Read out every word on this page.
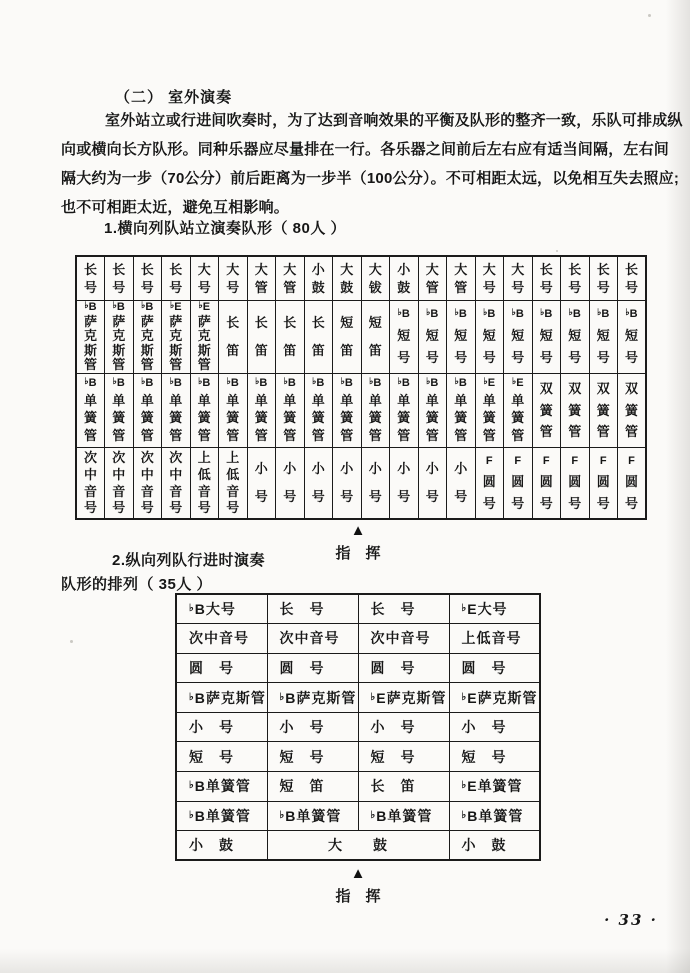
（二） 室外演奏
室外站立或行进间吹奏时，为了达到音响效果的平衡及队形的整齐一致，乐队可排成纵
向或横向长方队形。同种乐器应尽量排在一行。各乐器之间前后左右应有适当间隔，左右间
隔大约为一步（70公分）前后距离为一步半（100公分）。不可相距太远，以免相互失去照应;
也不可相距太近，避免互相影响。
1.横向列队站立演奏队形（ 80人 ）
长
号	长
号	长
号	长
号	大
号	大
号	大
管	大
管	小
鼓	大
鼓	大
钹	小
鼓	大
管	大
管	大
号	大
号	长
号	长
号	长
号	长
号

♭B
萨
克
斯
管	♭B
萨
克
斯
管	♭B
萨
克
斯
管	♭E
萨
克
斯
管	♭E
萨
克
斯
管	长
笛	长
笛	长
笛	长
笛	短
笛	短
笛	♭B
短
号	♭B
短
号	♭B
短
号	♭B
短
号	♭B
短
号	♭B
短
号	♭B
短
号	♭B
短
号	♭B
短
号

♭B
单
簧
管	♭B
单
簧
管	♭B
单
簧
管	♭B
单
簧
管	♭B
单
簧
管	♭B
单
簧
管	♭B
单
簧
管	♭B
单
簧
管	♭B
单
簧
管	♭B
单
簧
管	♭B
单
簧
管	♭B
单
簧
管	♭B
单
簧
管	♭B
单
簧
管	♭E
单
簧
管	♭E
单
簧
管	双
簧
管	双
簧
管	双
簧
管	双
簧
管

次
中
音
号	次
中
音
号	次
中
音
号	次
中
音
号	上
低
音
号	上
低
音
号	小
号	小
号	小
号	小
号	小
号	小
号	小
号	小
号	F
圆
号	F
圆
号	F
圆
号	F
圆
号	F
圆
号	F
圆
号
▲
指　挥
2.纵向列队行进时演奏
队形的排列（ 35人 ）
♭B大号	长　号	长　号	♭E大号
次中音号	次中音号	次中音号	上低音号
圆　号	圆　号	圆　号	圆　号
♭B萨克斯管	♭B萨克斯管	♭E萨克斯管	♭E萨克斯管
小　号	小　号	小　号	小　号
短　号	短　号	短　号	短　号
♭B单簧管	短　笛	长　笛	♭E单簧管
♭B单簧管	♭B单簧管	♭B单簧管	♭B单簧管
小　鼓	大　　鼓		小　鼓
▲
指　挥
· 33 ·
